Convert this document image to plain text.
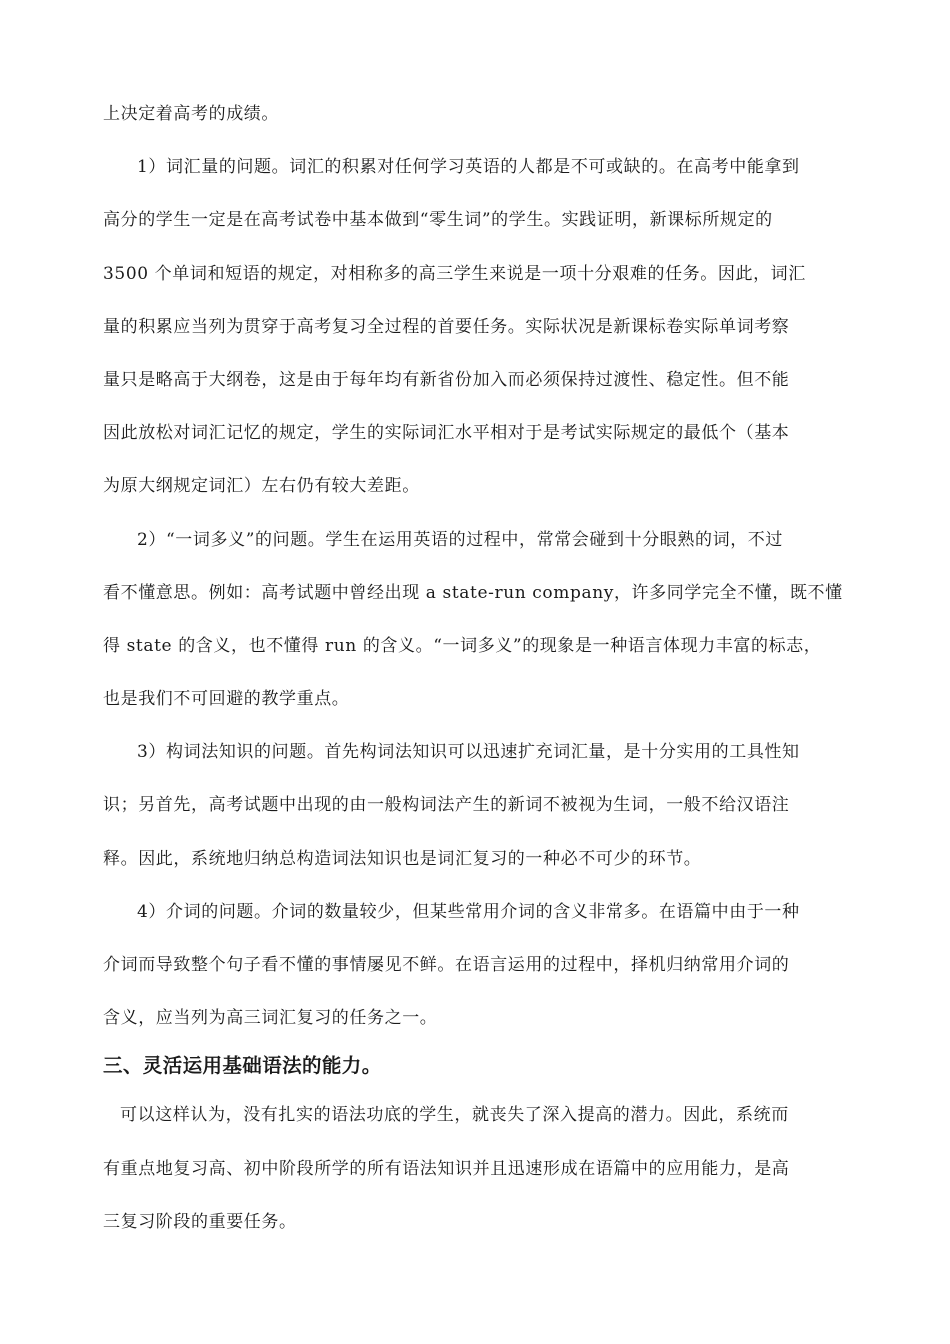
上决定着高考的成绩。
1）词汇量的问题。词汇的积累对任何学习英语的人都是不可或缺的。在高考中能拿到
高分的学生一定是在高考试卷中基本做到“零生词”的学生。实践证明，新课标所规定的
3500 个单词和短语的规定，对相称多的高三学生来说是一项十分艰难的任务。因此，词汇
量的积累应当列为贯穿于高考复习全过程的首要任务。实际状况是新课标卷实际单词考察
量只是略高于大纲卷，这是由于每年均有新省份加入而必须保持过渡性、稳定性。但不能
因此放松对词汇记忆的规定，学生的实际词汇水平相对于是考试实际规定的最低个（基本
为原大纲规定词汇）左右仍有较大差距。
2）“一词多义”的问题。学生在运用英语的过程中，常常会碰到十分眼熟的词，不过
看不懂意思。例如：高考试题中曾经出现 a state-run company，许多同学完全不懂，既不懂
得 state 的含义，也不懂得 run 的含义。“一词多义”的现象是一种语言体现力丰富的标志，
也是我们不可回避的教学重点。
3）构词法知识的问题。首先构词法知识可以迅速扩充词汇量，是十分实用的工具性知
识；另首先，高考试题中出现的由一般构词法产生的新词不被视为生词，一般不给汉语注
释。因此，系统地归纳总构造词法知识也是词汇复习的一种必不可少的环节。
4）介词的问题。介词的数量较少，但某些常用介词的含义非常多。在语篇中由于一种
介词而导致整个句子看不懂的事情屡见不鲜。在语言运用的过程中，择机归纳常用介词的
含义，应当列为高三词汇复习的任务之一。
三、灵活运用基础语法的能力。
可以这样认为，没有扎实的语法功底的学生，就丧失了深入提高的潜力。因此，系统而
有重点地复习高、初中阶段所学的所有语法知识并且迅速形成在语篇中的应用能力，是高
三复习阶段的重要任务。
